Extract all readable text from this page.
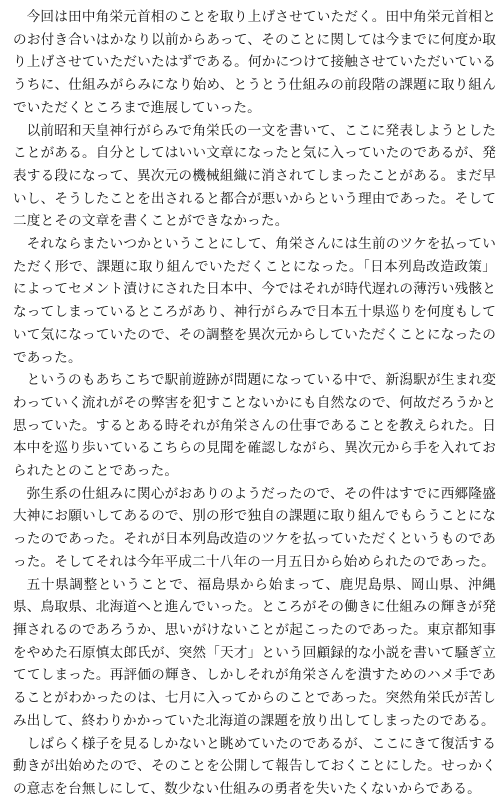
今回は田中角栄元首相のことを取り上げさせていただく。田中角栄元首相とのお付き合いはかなり以前からあって、そのことに関しては今までに何度か取り上げさせていただいたはずである。何かにつけて接触させていただいているうちに、仕組みがらみになり始め、とうとう仕組みの前段階の課題に取り組んでいただくところまで進展していった。

以前昭和天皇神行がらみで角栄氏の一文を書いて、ここに発表しようとしたことがある。自分としてはいい文章になったと気に入っていたのであるが、発表する段になって、異次元の機械組織に消されてしまったことがある。まだ早いし、そうしたことを出されると都合が悪いからという理由であった。そして二度とその文章を書くことができなかった。

それならまたいつかということにして、角栄さんには生前のツケを払っていただく形で、課題に取り組んでいただくことになった。「日本列島改造政策」によってセメント漬けにされた日本中、今ではそれが時代遅れの薄汚い残骸となってしまっているところがあり、神行がらみで日本五十県巡りを何度もしていて気になっていたので、その調整を異次元からしていただくことになったのであった。

というのもあちこちで駅前遊跡が問題になっている中で、新潟駅が生まれ変わっていく流れがその弊害を犯すことないかにも自然なので、何故だろうかと思っていた。するとある時それが角栄さんの仕事であることを教えられた。日本中を巡り歩いているこちらの見聞を確認しながら、異次元から手を入れておられたとのことであった。

弥生系の仕組みに関心がおありのようだったので、その件はすでに西郷隆盛大神にお願いしてあるので、別の形で独自の課題に取り組んでもらうことになったのであった。それが日本列島改造のツケを払っていただくというものであった。そしてそれは今年平成二十八年の一月五日から始められたのであった。

五十県調整ということで、福島県から始まって、鹿児島県、岡山県、沖縄県、鳥取県、北海道へと進んでいった。ところがその働きに仕組みの輝きが発揮されるのであろうか、思いがけないことが起こったのであった。東京都知事をやめた石原慎太郎氏が、突然「天才」という回顧録的な小説を書いて騒ぎ立ててしまった。再評価の輝き、しかしそれが角栄さんを潰すためのハメ手であることがわかったのは、七月に入ってからのことであった。突然角栄氏が苦しみ出して、終わりかかっていた北海道の課題を放り出してしまったのである。

しばらく様子を見るしかないと眺めていたのであるが、ここにきて復活する動きが出始めたので、そのことを公開して報告しておくことにした。せっかくの意志を台無しにして、数少ない仕組みの勇者を失いたくないからである。
